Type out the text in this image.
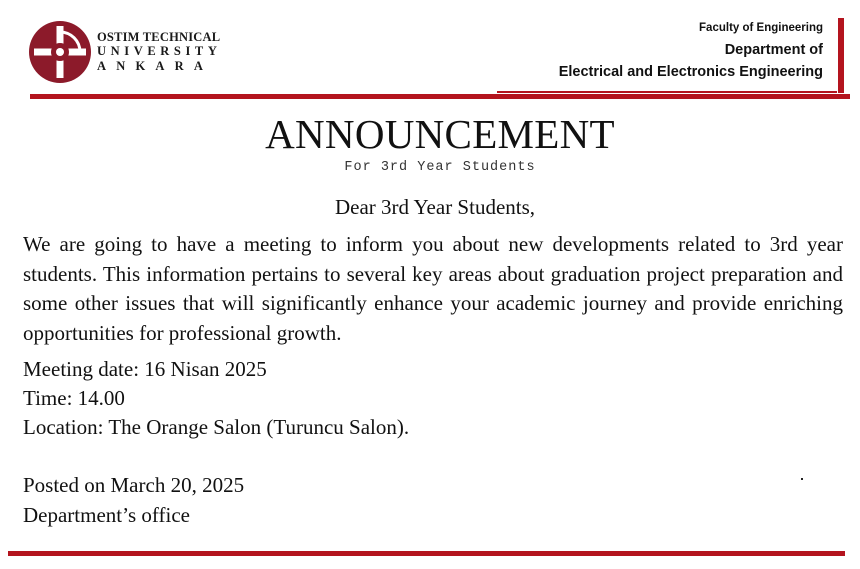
OSTIM TECHNICAL
UNIVERSITY
ANKARA
Faculty of Engineering
Department of
Electrical and Electronics Engineering
ANNOUNCEMENT
For 3rd Year Students
Dear 3rd Year Students,
We are going to have a meeting to inform you about new developments related to 3rd year students. This information pertains to several key areas about graduation project preparation and some other issues that will significantly enhance your academic journey and provide enriching opportunities for professional growth.
Meeting date: 16 Nisan 2025
Time: 14.00
Location: The Orange Salon (Turuncu Salon).
Posted on March 20, 2025
Department’s office
